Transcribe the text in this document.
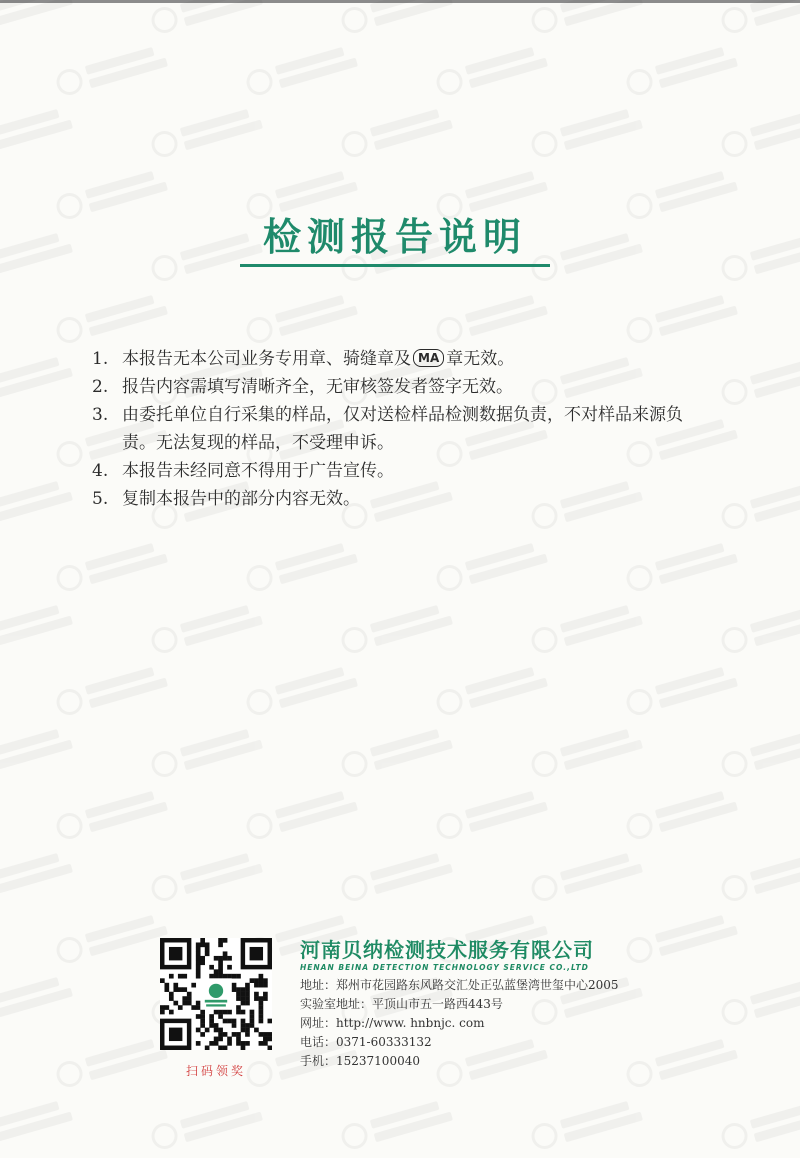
检测报告说明
1. 本报告无本公司业务专用章、骑缝章及 MA 章无效。
2. 报告内容需填写清晰齐全，无审核签发者签字无效。
3. 由委托单位自行采集的样品，仅对送检样品检测数据负责，不对样品来源负责。无法复现的样品，不受理申诉。
4. 本报告未经同意不得用于广告宣传。
5. 复制本报告中的部分内容无效。
扫码领奖
河南贝纳检测技术服务有限公司
HENAN BEINA DETECTION TECHNOLOGY SERVICE CO.,LTD
地址：郑州市花园路东风路交汇处正弘蓝堡湾世玺中心2005
实验室地址：平顶山市五一路西443号
网址：http://www. hnbnjc. com
电话：0371-60333132
手机：15237100040
